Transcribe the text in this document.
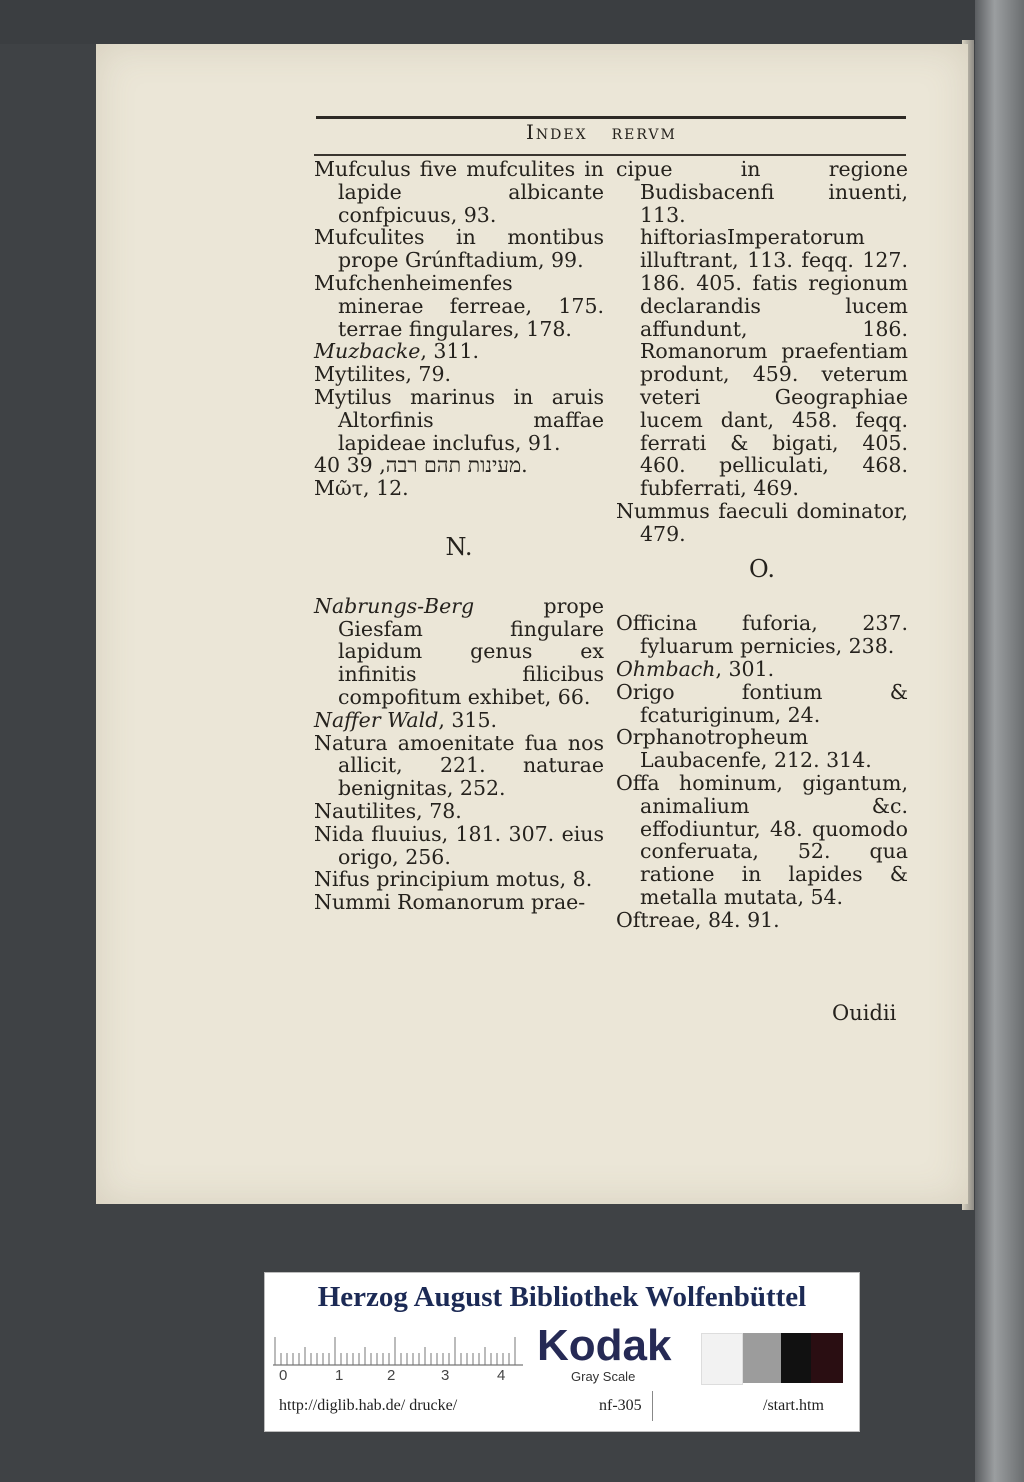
Index rervm

Mufculus five mufculites in lapide albicante confpicuus, 93.

Mufculites in montibus prope Grúnftadium, 99.

Mufchenheimenfes minerae ferreae, 175. terrae fingulares, 178.

Muzbacke, 311.

Mytilites, 79.

Mytilus marinus in aruis Altorfinis maffae lapideae inclufus, 91.

מעינות תהם רבה, 39 40.

Μῶτ, 12.

N.

Nabrungs-Berg prope Giesfam fingulare lapidum genus ex infinitis filicibus compofitum exhibet, 66.

Naffer Wald, 315.

Natura amoenitate fua nos allicit, 221. naturae benignitas, 252.

Nautilites, 78.

Nida fluuius, 181. 307. eius origo, 256.

Nifus principium motus, 8.

Nummi Romanorum prae-

cipue in regione Budisbacenfi inuenti, 113. hiftoriasImperatorum illuftrant, 113. feqq. 127. 186. 405. fatis regionum declarandis lucem affundunt, 186. Romanorum praefentiam produnt, 459. veterum veteri Geographiae lucem dant, 458. feqq. ferrati & bigati, 405. 460. pelliculati, 468. fubferrati, 469.

Nummus faeculi dominator, 479.

O.

Officina fuforia, 237. fyluarum pernicies, 238.

Ohmbach, 301.

Origo fontium & fcaturiginum, 24.

Orphanotropheum Laubacenfe, 212. 314.

Offa hominum, gigantum, animalium &c. effodiuntur, 48. quomodo conferuata, 52. qua ratione in lapides & metalla mutata, 54.

Oftreae, 84. 91.

Ouidii
Herzog August Bibliothek Wolfenbüttel
0	1	2	3	4
Kodak
Gray Scale
http://diglib.hab.de/ drucke/	nf-305	/start.htm
